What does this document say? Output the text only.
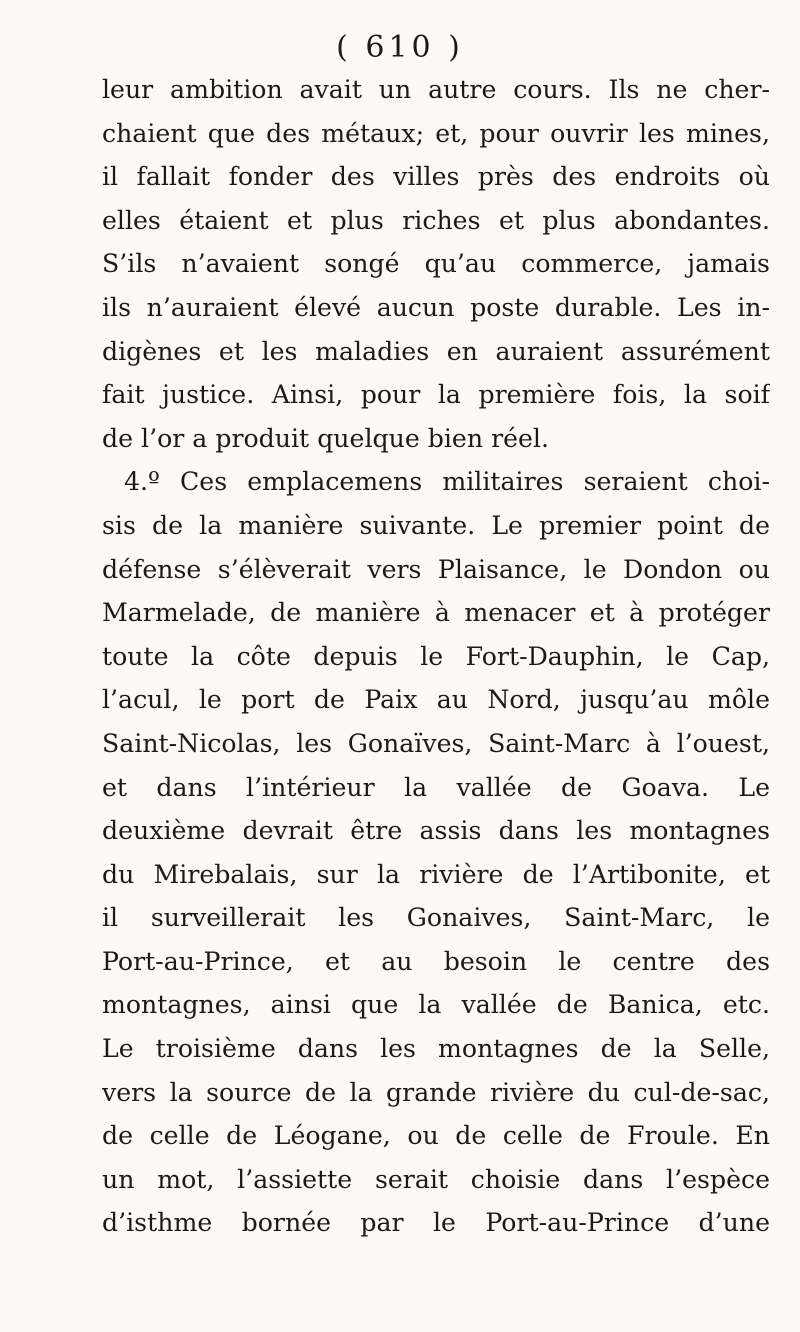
( 610 )
leur ambition avait un autre cours. Ils ne cher-
chaient que des métaux; et, pour ouvrir les mines,
il fallait fonder des villes près des endroits où
elles étaient et plus riches et plus abondantes.
S’ils n’avaient songé qu’au commerce, jamais
ils n’auraient élevé aucun poste durable. Les in-
digènes et les maladies en auraient assurément
fait justice. Ainsi, pour la première fois, la soif
de l’or a produit quelque bien réel.
4.º Ces emplacemens militaires seraient choi-
sis de la manière suivante. Le premier point de
défense s’élèverait vers Plaisance, le Dondon ou
Marmelade, de manière à menacer et à protéger
toute la côte depuis le Fort-Dauphin, le Cap,
l’acul, le port de Paix au Nord, jusqu’au môle
Saint-Nicolas, les Gonaïves, Saint-Marc à l’ouest,
et dans l’intérieur la vallée de Goava. Le
deuxième devrait être assis dans les montagnes
du Mirebalais, sur la rivière de l’Artibonite, et
il surveillerait les Gonaives, Saint-Marc, le
Port-au-Prince, et au besoin le centre des
montagnes, ainsi que la vallée de Banica, etc.
Le troisième dans les montagnes de la Selle,
vers la source de la grande rivière du cul-de-sac,
de celle de Léogane, ou de celle de Froule. En
un mot, l’assiette serait choisie dans l’espèce
d’isthme bornée par le Port-au-Prince d’une
